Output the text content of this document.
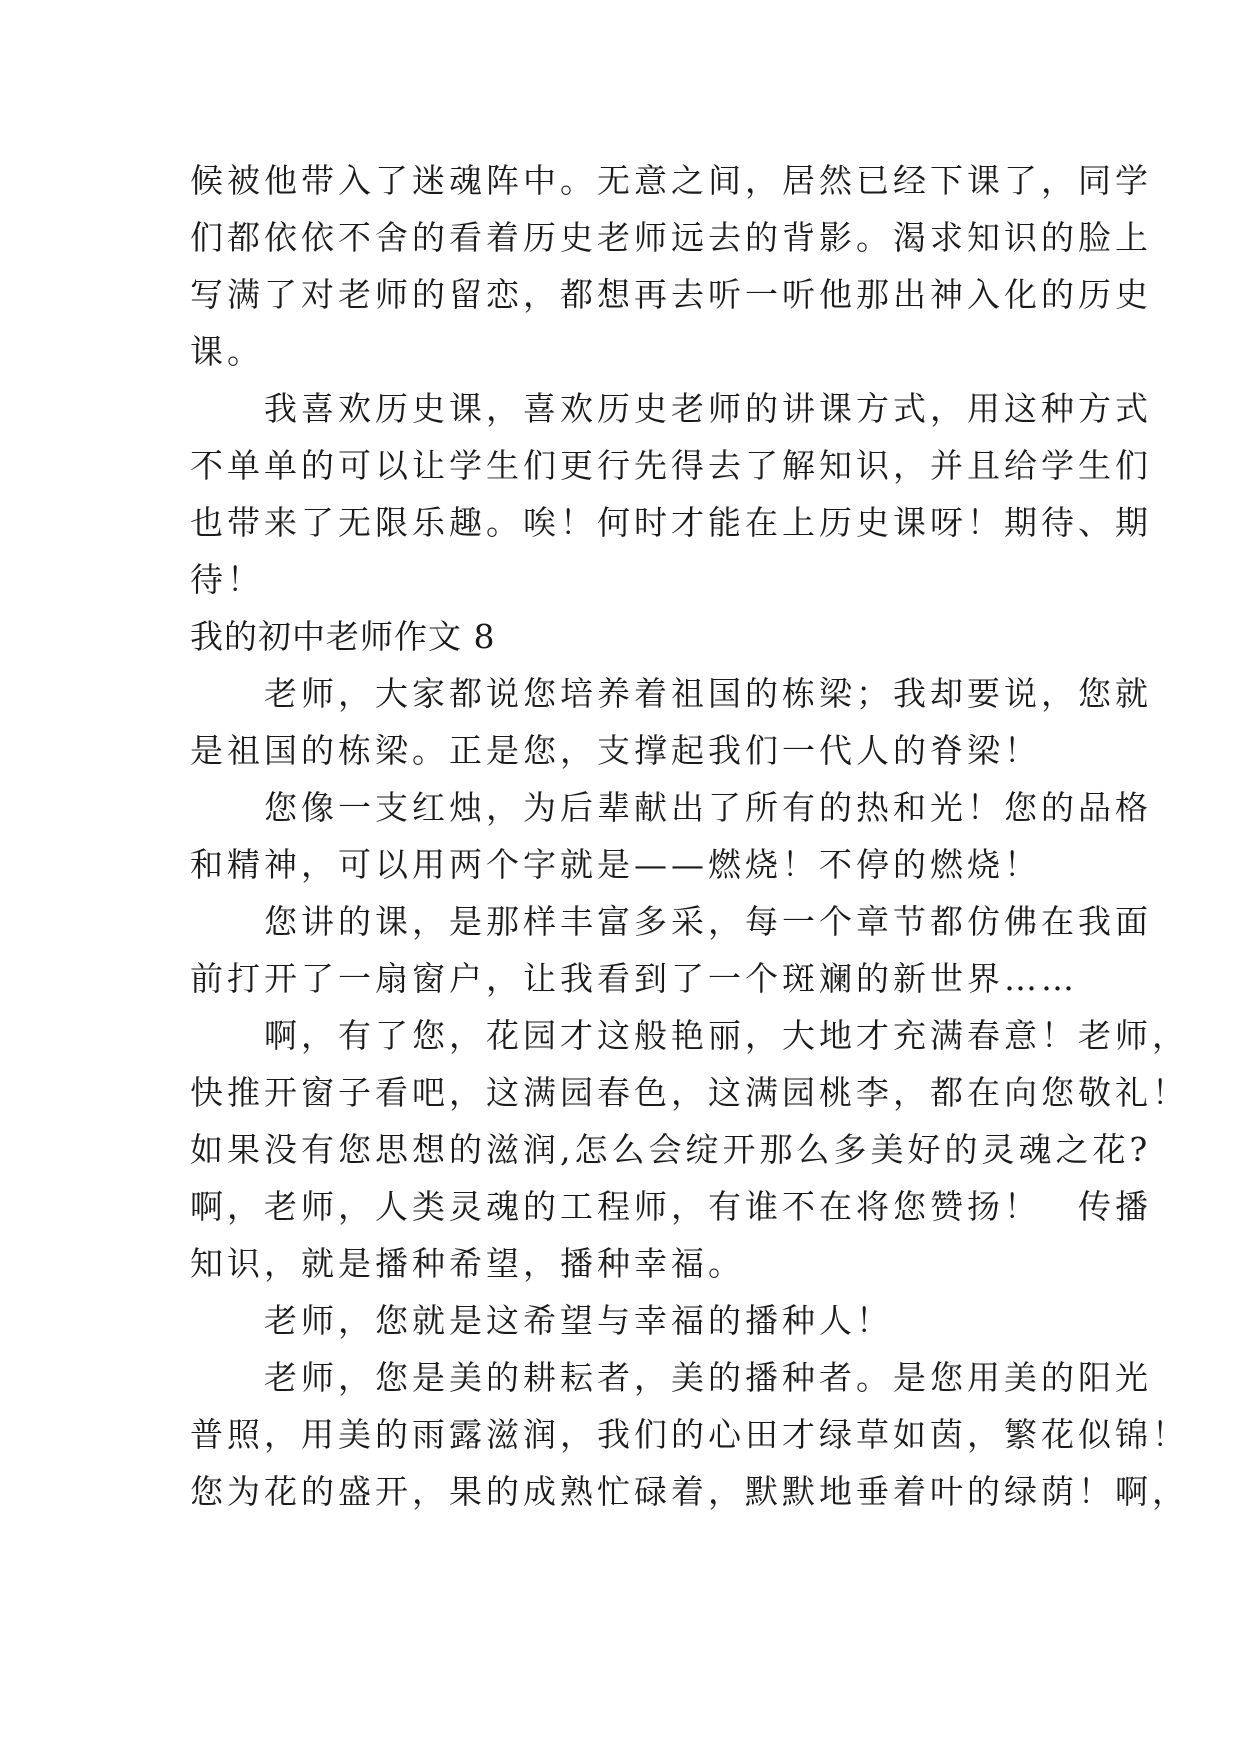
候被他带入了迷魂阵中。无意之间，居然已经下课了，同学
们都依依不舍的看着历史老师远去的背影。渴求知识的脸上
写满了对老师的留恋，都想再去听一听他那出神入化的历史
课。
我喜欢历史课，喜欢历史老师的讲课方式，用这种方式
不单单的可以让学生们更行先得去了解知识，并且给学生们
也带来了无限乐趣。唉！何时才能在上历史课呀！期待、期
待！
我的初中老师作文 8
老师，大家都说您培养着祖国的栋梁；我却要说，您就
是祖国的栋梁。正是您，支撑起我们一代人的脊梁！
您像一支红烛，为后辈献出了所有的热和光！您的品格
和精神，可以用两个字就是——燃烧！不停的燃烧！
您讲的课，是那样丰富多采，每一个章节都仿佛在我面
前打开了一扇窗户，让我看到了一个斑斓的新世界……
啊，有了您，花园才这般艳丽，大地才充满春意！老师，
快推开窗子看吧，这满园春色，这满园桃李，都在向您敬礼！
如果没有您思想的滋润,怎么会绽开那么多美好的灵魂之花?
啊，老师，人类灵魂的工程师，有谁不在将您赞扬！　传播
知识，就是播种希望，播种幸福。
老师，您就是这希望与幸福的播种人！
老师，您是美的耕耘者，美的播种者。是您用美的阳光
普照，用美的雨露滋润，我们的心田才绿草如茵，繁花似锦！
您为花的盛开，果的成熟忙碌着，默默地垂着叶的绿荫！啊，
